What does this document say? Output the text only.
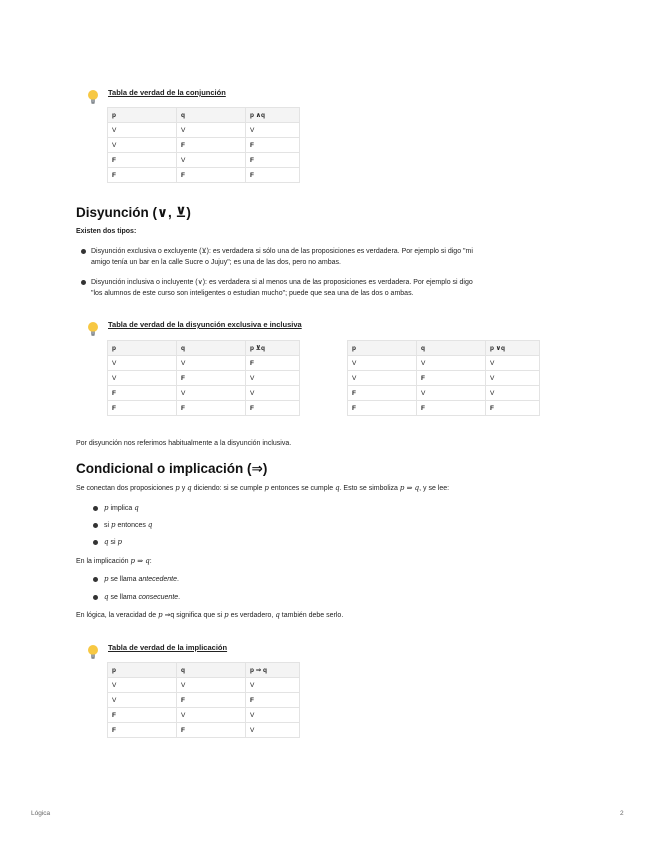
Tabla de verdad de la conjunción
p	q	p ∧q
V	V	V
V	F	F
F	V	F
F	F	F
Disyunción (∨, ⊻)
Existen dos tipos:
Disyunción exclusiva o excluyente (⊻): es verdadera si sólo una de las proposiciones es verdadera. Por ejemplo si digo "mi
amigo tenía un bar en la calle Sucre o Jujuy"; es una de las dos, pero no ambas.
Disyunción inclusiva o incluyente (∨): es verdadera si al menos una de las proposiciones es verdadera. Por ejemplo si digo
"los alumnos de este curso son inteligentes o estudian mucho"; puede que sea una de las dos o ambas.
Tabla de verdad de la disyunción exclusiva e inclusiva
p	q	p ⊻q
V	V	F
V	F	V
F	V	V
F	F	F
p	q	p ∨q
V	V	V
V	F	V
F	V	V
F	F	F
Por disyunción nos referimos habitualmente a la disyunción inclusiva.
Condicional o implicación (⇒)
Se conectan dos proposiciones p y q diciendo: si se cumple p entonces se cumple q. Esto se simboliza p ⇒ q, y se lee:
p implica q
si p entonces q
q si p
En la implicación p ⇒ q:
p se llama antecedente.
q se llama consecuente.
En lógica, la veracidad de p ⇒q significa que si p es verdadero, q también debe serlo.
Tabla de verdad de la implicación
p	q	p ⇒ q
V	V	V
V	F	F
F	V	V
F	F	V
Lógica	2
